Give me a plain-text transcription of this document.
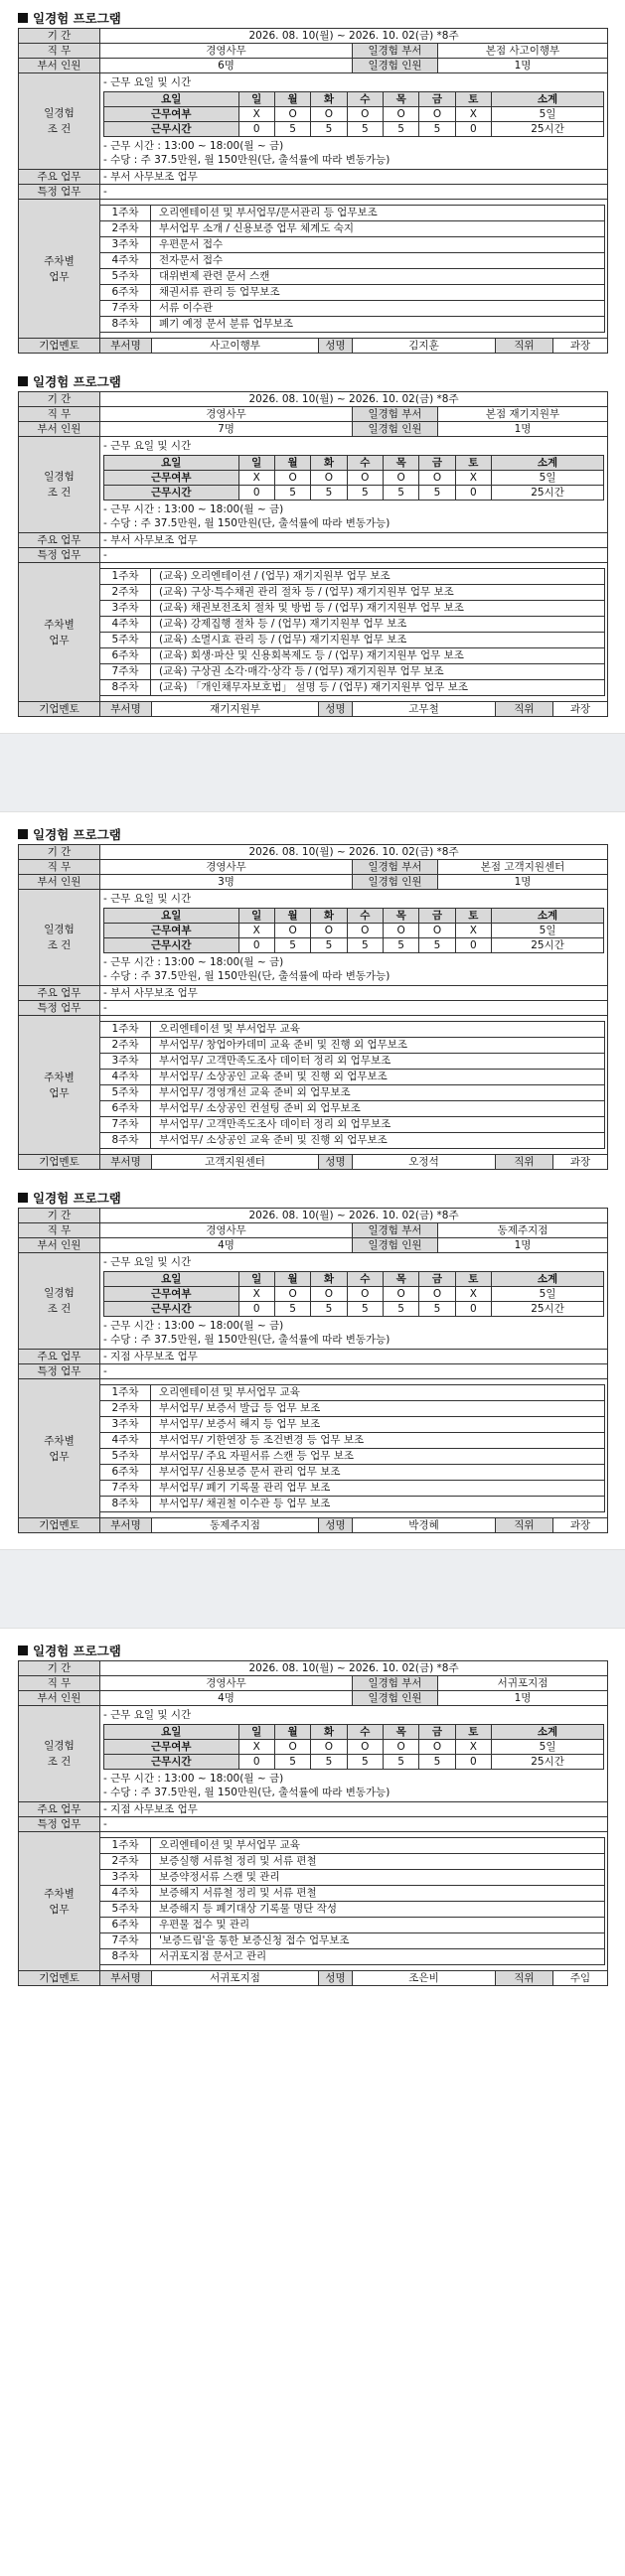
일경험 프로그램
기 간	2026. 08. 10(월) ~ 2026. 10. 02(금) *8주
직 무	경영사무	일경험 부서	본점 사고이행부
부서 인원	6명	일경험 인원	1명
일경험
조 건	
- 근무 요일 및 시간
요일	일	월	화	수	목	금	토	소계
근무여부	X	O	O	O	O	O	X	5일
근무시간	0	5	5	5	5	5	0	25시간
- 근무 시간 : 13:00 ~ 18:00(월 ~ 금)
- 수당 : 주 37.5만원, 월 150만원(단, 출석률에 따라 변동가능)

주요 업무	- 부서 사무보조 업무
특정 업무	-
주차별
업무	
1주차	오리엔테이션 및 부서업무/문서관리 등 업무보조
2주차	부서업무 소개 / 신용보증 업무 체계도 숙지
3주차	우편문서 접수
4주차	전자문서 접수
5주차	대위변제 관련 문서 스캔
6주차	채권서류 관리 등 업무보조
7주차	서류 이수관
8주차	폐기 예정 문서 분류 업무보조

기업멘토	부서명	사고이행부	성명	김지훈	직위	과장
일경험 프로그램
기 간	2026. 08. 10(월) ~ 2026. 10. 02(금) *8주
직 무	경영사무	일경험 부서	본점 재기지원부
부서 인원	7명	일경험 인원	1명
일경험
조 건	
- 근무 요일 및 시간
요일	일	월	화	수	목	금	토	소계
근무여부	X	O	O	O	O	O	X	5일
근무시간	0	5	5	5	5	5	0	25시간
- 근무 시간 : 13:00 ~ 18:00(월 ~ 금)
- 수당 : 주 37.5만원, 월 150만원(단, 출석률에 따라 변동가능)

주요 업무	- 부서 사무보조 업무
특정 업무	-
주차별
업무	
1주차	(교육) 오리엔테이션 / (업무) 재기지원부 업무 보조
2주차	(교육) 구상·특수채권 관리 절차 등 / (업무) 재기지원부 업무 보조
3주차	(교육) 채권보전조치 절차 및 방법 등 / (업무) 재기지원부 업무 보조
4주차	(교육) 강제집행 절차 등 / (업무) 재기지원부 업무 보조
5주차	(교육) 소멸시효 관리 등 / (업무) 재기지원부 업무 보조
6주차	(교육) 회생·파산 및 신용회복제도 등 / (업무) 재기지원부 업무 보조
7주차	(교육) 구상권 소각·매각·상각 등 / (업무) 재기지원부 업무 보조
8주차	(교육) 「개인채무자보호법」 설명 등 / (업무) 재기지원부 업무 보조

기업멘토	부서명	재기지원부	성명	고무철	직위	과장
일경험 프로그램
기 간	2026. 08. 10(월) ~ 2026. 10. 02(금) *8주
직 무	경영사무	일경험 부서	본점 고객지원센터
부서 인원	3명	일경험 인원	1명
일경험
조 건	
- 근무 요일 및 시간
요일	일	월	화	수	목	금	토	소계
근무여부	X	O	O	O	O	O	X	5일
근무시간	0	5	5	5	5	5	0	25시간
- 근무 시간 : 13:00 ~ 18:00(월 ~ 금)
- 수당 : 주 37.5만원, 월 150만원(단, 출석률에 따라 변동가능)

주요 업무	- 부서 사무보조 업무
특정 업무	-
주차별
업무	
1주차	오리엔테이션 및 부서업무 교육
2주차	부서업무/ 창업아카데미 교육 준비 및 진행 외 업무보조
3주차	부서업무/ 고객만족도조사 데이터 정리 외 업무보조
4주차	부서업무/ 소상공인 교육 준비 및 진행 외 업무보조
5주차	부서업무/ 경영개선 교육 준비 외 업무보조
6주차	부서업무/ 소상공인 컨설팅 준비 외 업무보조
7주차	부서업무/ 고객만족도조사 데이터 정리 외 업무보조
8주차	부서업무/ 소상공인 교육 준비 및 진행 외 업무보조

기업멘토	부서명	고객지원센터	성명	오정석	직위	과장
일경험 프로그램
기 간	2026. 08. 10(월) ~ 2026. 10. 02(금) *8주
직 무	경영사무	일경험 부서	동제주지점
부서 인원	4명	일경험 인원	1명
일경험
조 건	
- 근무 요일 및 시간
요일	일	월	화	수	목	금	토	소계
근무여부	X	O	O	O	O	O	X	5일
근무시간	0	5	5	5	5	5	0	25시간
- 근무 시간 : 13:00 ~ 18:00(월 ~ 금)
- 수당 : 주 37.5만원, 월 150만원(단, 출석률에 따라 변동가능)

주요 업무	- 지점 사무보조 업무
특정 업무	-
주차별
업무	
1주차	오리엔테이션 및 부서업무 교육
2주차	부서업무/ 보증서 발급 등 업무 보조
3주차	부서업무/ 보증서 해지 등 업무 보조
4주차	부서업무/ 기한연장 등 조건변경 등 업무 보조
5주차	부서업무/ 주요 자필서류 스캔 등 업무 보조
6주차	부서업무/ 신용보증 문서 관리 업무 보조
7주차	부서업무/ 폐기 기록물 관리 업무 보조
8주차	부서업무/ 채권철 이수관 등 업무 보조

기업멘토	부서명	동제주지점	성명	박경혜	직위	과장
일경험 프로그램
기 간	2026. 08. 10(월) ~ 2026. 10. 02(금) *8주
직 무	경영사무	일경험 부서	서귀포지점
부서 인원	4명	일경험 인원	1명
일경험
조 건	
- 근무 요일 및 시간
요일	일	월	화	수	목	금	토	소계
근무여부	X	O	O	O	O	O	X	5일
근무시간	0	5	5	5	5	5	0	25시간
- 근무 시간 : 13:00 ~ 18:00(월 ~ 금)
- 수당 : 주 37.5만원, 월 150만원(단, 출석률에 따라 변동가능)

주요 업무	- 지점 사무보조 업무
특정 업무	-
주차별
업무	
1주차	오리엔테이션 및 부서업무 교육
2주차	보증실행 서류철 정리 및 서류 편철
3주차	보증약정서류 스캔 및 관리
4주차	보증해지 서류철 정리 및 서류 편철
5주차	보증해지 등 폐기대상 기록물 명단 작성
6주차	우편물 접수 및 관리
7주차	'보증드림'을 통한 보증신청 접수 업무보조
8주차	서귀포지점 문서고 관리

기업멘토	부서명	서귀포지점	성명	조은비	직위	주임
